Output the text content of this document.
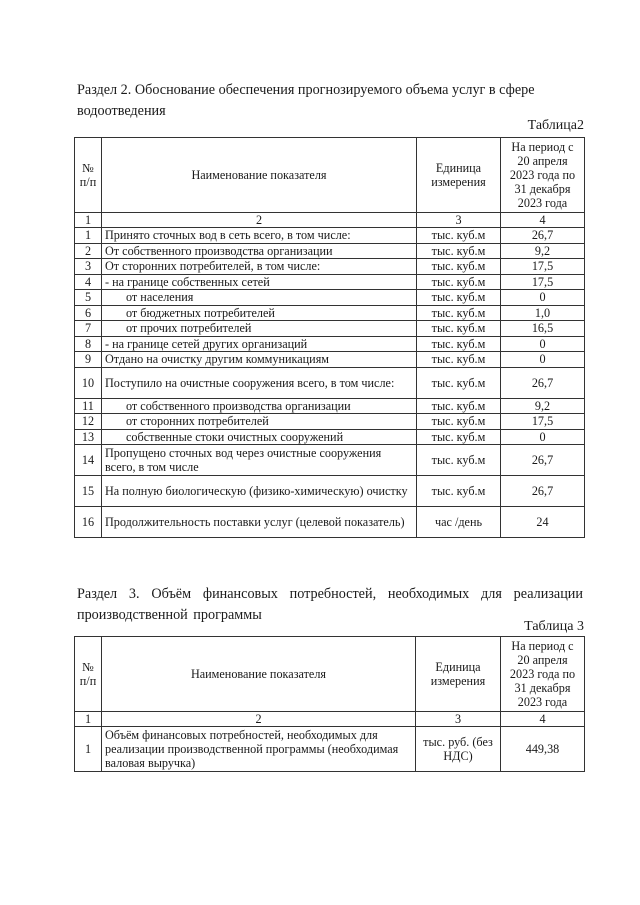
Раздел 2. Обоснование обеспечения прогнозируемого объема услуг в сфере водоотведения
Таблица2
№ п/п	Наименование показателя	Единица измерения	На период с 20 апреля 2023 года по 31 декабря 2023 года
1	2	3	4
1	Принято сточных вод в сеть всего, в том числе:	тыс. куб.м	26,7
2	От собственного производства организации	тыс. куб.м	9,2
3	От сторонних потребителей, в том числе:	тыс. куб.м	17,5
4	- на границе собственных сетей	тыс. куб.м	17,5
5	от населения	тыс. куб.м	0
6	от бюджетных потребителей	тыс. куб.м	1,0
7	от прочих потребителей	тыс. куб.м	16,5
8	- на границе сетей других организаций	тыс. куб.м	0
9	Отдано на очистку другим коммуникациям	тыс. куб.м	0
10	Поступило на очистные сооружения всего, в том числе:	тыс. куб.м	26,7
11	от собственного производства организации	тыс. куб.м	9,2
12	от сторонних потребителей	тыс. куб.м	17,5
13	собственные стоки очистных сооружений	тыс. куб.м	0
14	Пропущено сточных вод через очистные сооружения всего, в том числе	тыс. куб.м	26,7
15	На полную биологическую (физико-химическую) очистку	тыс. куб.м	26,7
16	Продолжительность поставки услуг (целевой показатель)	час /день	24
Раздел 3. Объём финансовых потребностей, необходимых для реализации производственной программы
Таблица 3
№ п/п	Наименование показателя	Единица измерения	На период с 20 апреля 2023 года по 31 декабря 2023 года
1	2	3	4
1	Объём финансовых потребностей, необходимых для реализации производственной программы (необходимая валовая выручка)	тыс. руб. (без НДС)	449,38
